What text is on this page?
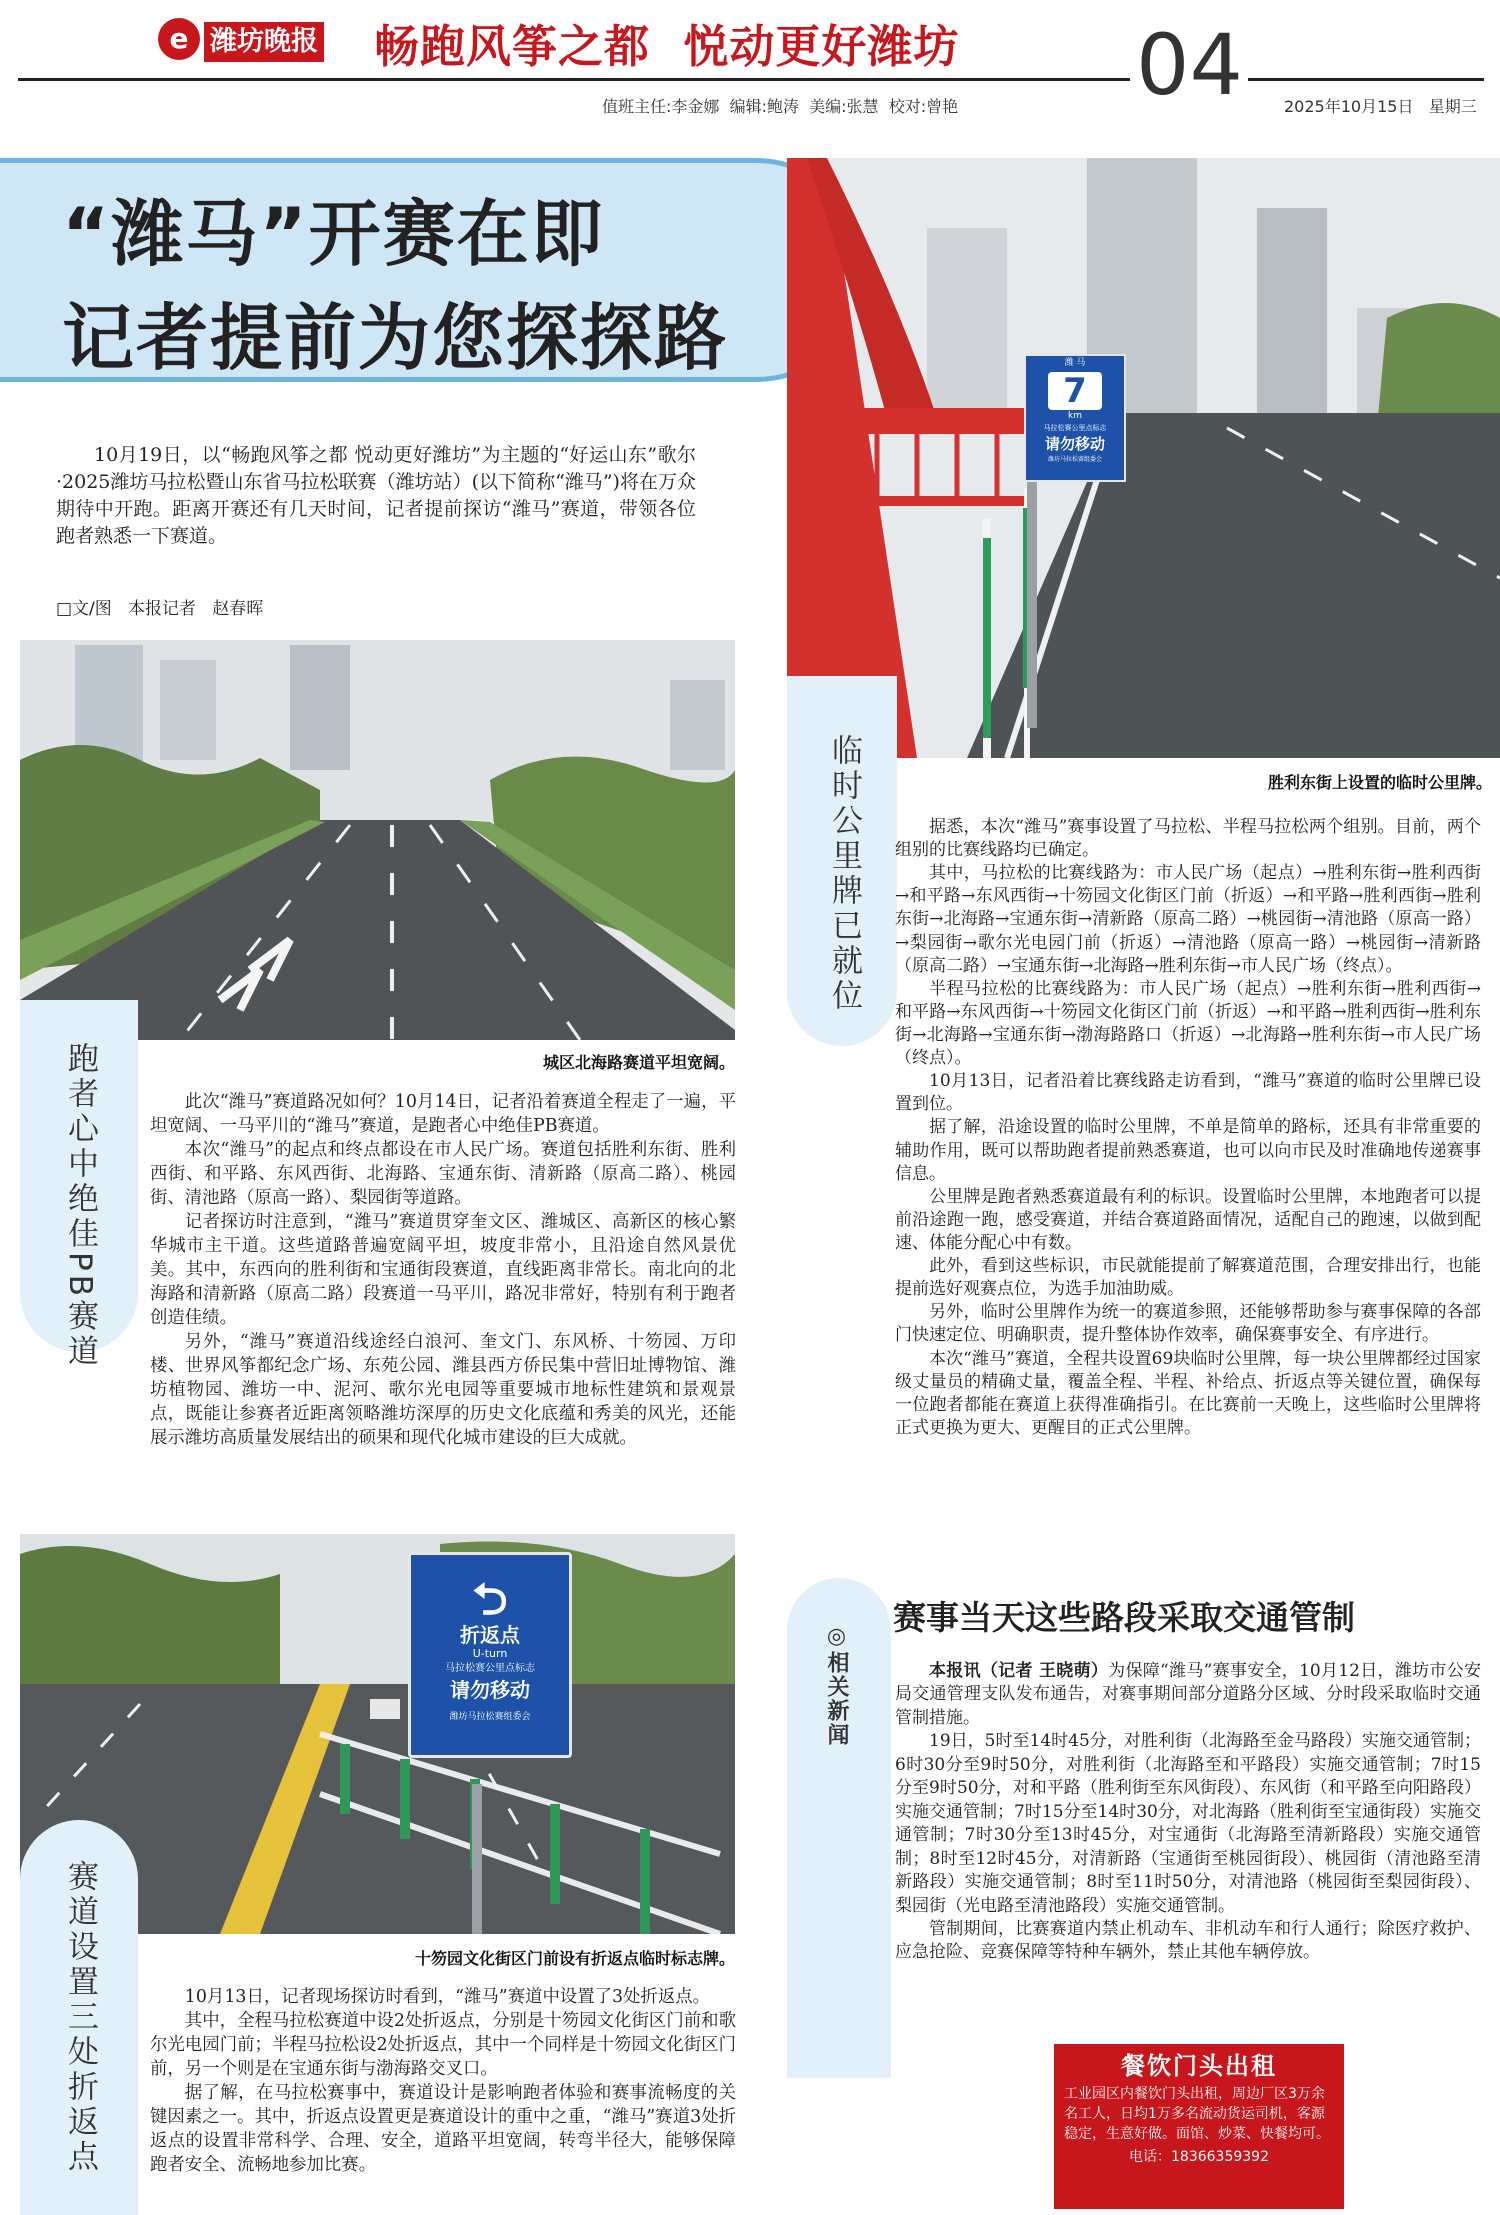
e 潍坊晚报 畅跑风筝之都  悦动更好潍坊 04
值班主任:李金娜  编辑:鲍涛  美编:张慧  校对:曾艳	2025年10月15日   星期三
“潍马”开赛在即
记者提前为您探探路

10月19日，以“畅跑风筝之都 悦动更好潍坊”为主题的“好运山东”歌尔·2025潍坊马拉松暨山东省马拉松联赛（潍坊站）(以下简称“潍马”)将在万众期待中开跑。距离开赛还有几天时间，记者提前探访“潍马”赛道，带领各位跑者熟悉一下赛道。

□文/图   本报记者   赵春晖
城区北海路赛道平坦宽阔。
跑者心中绝佳PB赛道	此次“潍马”赛道路况如何？10月14日，记者沿着赛道全程走了一遍，平坦宽阔、一马平川的“潍马”赛道，是跑者心中绝佳PB赛道。

本次“潍马”的起点和终点都设在市人民广场。赛道包括胜利东街、胜利西街、和平路、东风西街、北海路、宝通东街、清新路（原高二路）、桃园街、清池路（原高一路）、梨园街等道路。

记者探访时注意到，“潍马”赛道贯穿奎文区、潍城区、高新区的核心繁华城市主干道。这些道路普遍宽阔平坦，坡度非常小，且沿途自然风景优美。其中，东西向的胜利街和宝通街段赛道，直线距离非常长。南北向的北海路和清新路（原高二路）段赛道一马平川，路况非常好，特别有利于跑者创造佳绩。

另外，“潍马”赛道沿线途经白浪河、奎文门、东风桥、十笏园、万印楼、世界风筝都纪念广场、东苑公园、潍县西方侨民集中营旧址博物馆、潍坊植物园、潍坊一中、泥河、歌尔光电园等重要城市地标性建筑和景观景点，既能让参赛者近距离领略潍坊深厚的历史文化底蕴和秀美的风光，还能展示潍坊高质量发展结出的硕果和现代化城市建设的巨大成就。

⮌
折返点
U-turn
马拉松赛公里点标志
请勿移动
潍坊马拉松赛组委会
十笏园文化街区门前设有折返点临时标志牌。
赛道设置三处折返点	10月13日，记者现场探访时看到，“潍马”赛道中设置了3处折返点。

其中，全程马拉松赛道中设2处折返点，分别是十笏园文化街区门前和歌尔光电园门前；半程马拉松设2处折返点，其中一个同样是十笏园文化街区门前，另一个则是在宝通东街与渤海路交叉口。

据了解，在马拉松赛事中，赛道设计是影响跑者体验和赛事流畅度的关键因素之一。其中，折返点设置更是赛道设计的重中之重，“潍马”赛道3处折返点的设置非常科学、合理、安全，道路平坦宽阔，转弯半径大，能够保障跑者安全、流畅地参加比赛。

潍 马
7
km
马拉松赛公里点标志
请勿移动
潍坊马拉松赛组委会
胜利东街上设置的临时公里牌。
临时公里牌已就位	据悉，本次“潍马”赛事设置了马拉松、半程马拉松两个组别。目前，两个组别的比赛线路均已确定。

其中，马拉松的比赛线路为：市人民广场（起点）→胜利东街→胜利西街→和平路→东风西街→十笏园文化街区门前（折返）→和平路→胜利西街→胜利东街→北海路→宝通东街→清新路（原高二路）→桃园街→清池路（原高一路）→梨园街→歌尔光电园门前（折返）→清池路（原高一路）→桃园街→清新路（原高二路）→宝通东街→北海路→胜利东街→市人民广场（终点）。

半程马拉松的比赛线路为：市人民广场（起点）→胜利东街→胜利西街→和平路→东风西街→十笏园文化街区门前（折返）→和平路→胜利西街→胜利东街→北海路→宝通东街→渤海路路口（折返）→北海路→胜利东街→市人民广场（终点）。

10月13日，记者沿着比赛线路走访看到，“潍马”赛道的临时公里牌已设置到位。

据了解，沿途设置的临时公里牌，不单是简单的路标，还具有非常重要的辅助作用，既可以帮助跑者提前熟悉赛道，也可以向市民及时准确地传递赛事信息。

公里牌是跑者熟悉赛道最有利的标识。设置临时公里牌，本地跑者可以提前沿途跑一跑，感受赛道，并结合赛道路面情况，适配自己的跑速，以做到配速、体能分配心中有数。

此外，看到这些标识，市民就能提前了解赛道范围，合理安排出行，也能提前选好观赛点位，为选手加油助威。

另外，临时公里牌作为统一的赛道参照，还能够帮助参与赛事保障的各部门快速定位、明确职责，提升整体协作效率，确保赛事安全、有序进行。

本次“潍马”赛道，全程共设置69块临时公里牌，每一块公里牌都经过国家级丈量员的精确丈量，覆盖全程、半程、补给点、折返点等关键位置，确保每一位跑者都能在赛道上获得准确指引。在比赛前一天晚上，这些临时公里牌将正式更换为更大、更醒目的正式公里牌。

◎相关新闻
赛事当天这些路段采取交通管制

本报讯（记者 王晓萌）为保障“潍马”赛事安全，10月12日，潍坊市公安局交通管理支队发布通告，对赛事期间部分道路分区域、分时段采取临时交通管制措施。

19日，5时至14时45分，对胜利街（北海路至金马路段）实施交通管制；6时30分至9时50分，对胜利街（北海路至和平路段）实施交通管制；7时15分至9时50分，对和平路（胜利街至东风街段）、东风街（和平路至向阳路段）实施交通管制；7时15分至14时30分，对北海路（胜利街至宝通街段）实施交通管制；7时30分至13时45分，对宝通街（北海路至清新路段）实施交通管制；8时至12时45分，对清新路（宝通街至桃园街段）、桃园街（清池路至清新路段）实施交通管制；8时至11时50分，对清池路（桃园街至梨园街段）、梨园街（光电路至清池路段）实施交通管制。

管制期间，比赛赛道内禁止机动车、非机动车和行人通行；除医疗救护、应急抢险、竞赛保障等特种车辆外，禁止其他车辆停放。

餐饮门头出租
工业园区内餐饮门头出租，周边厂区3万余名工人，日均1万多名流动货运司机，客源稳定，生意好做。面馆、炒菜、快餐均可。
电话：18366359392
